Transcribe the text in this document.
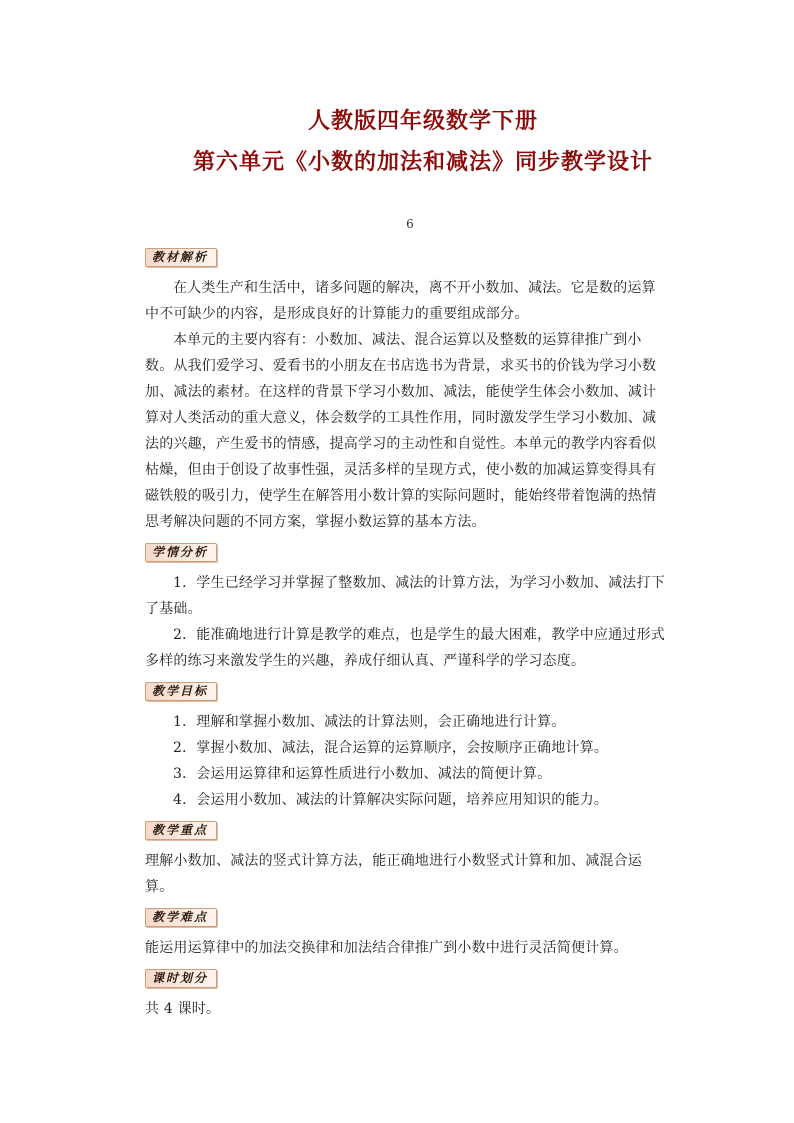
人教版四年级数学下册
第六单元《小数的加法和减法》同步教学设计
6
教材解析

在人类生产和生活中，诸多问题的解决，离不开小数加、减法。它是数的运算中不可缺少的内容，是形成良好的计算能力的重要组成部分。

本单元的主要内容有：小数加、减法、混合运算以及整数的运算律推广到小数。从我们爱学习、爱看书的小朋友在书店选书为背景，求买书的价钱为学习小数加、减法的素材。在这样的背景下学习小数加、减法，能使学生体会小数加、减计算对人类活动的重大意义，体会数学的工具性作用，同时激发学生学习小数加、减法的兴趣，产生爱书的情感，提高学习的主动性和自觉性。本单元的教学内容看似枯燥，但由于创设了故事性强，灵活多样的呈现方式，使小数的加减运算变得具有磁铁般的吸引力，使学生在解答用小数计算的实际问题时，能始终带着饱满的热情思考解决问题的不同方案，掌握小数运算的基本方法。

学情分析

1．学生已经学习并掌握了整数加、减法的计算方法，为学习小数加、减法打下了基础。

2．能准确地进行计算是教学的难点，也是学生的最大困难，教学中应通过形式多样的练习来激发学生的兴趣，养成仔细认真、严谨科学的学习态度。

教学目标

1．理解和掌握小数加、减法的计算法则，会正确地进行计算。

2．掌握小数加、减法，混合运算的运算顺序，会按顺序正确地计算。

3．会运用运算律和运算性质进行小数加、减法的简便计算。

4．会运用小数加、减法的计算解决实际问题，培养应用知识的能力。

教学重点

理解小数加、减法的竖式计算方法，能正确地进行小数竖式计算和加、减混合运算。

教学难点

能运用运算律中的加法交换律和加法结合律推广到小数中进行灵活简便计算。

课时划分

共 4 课时。
